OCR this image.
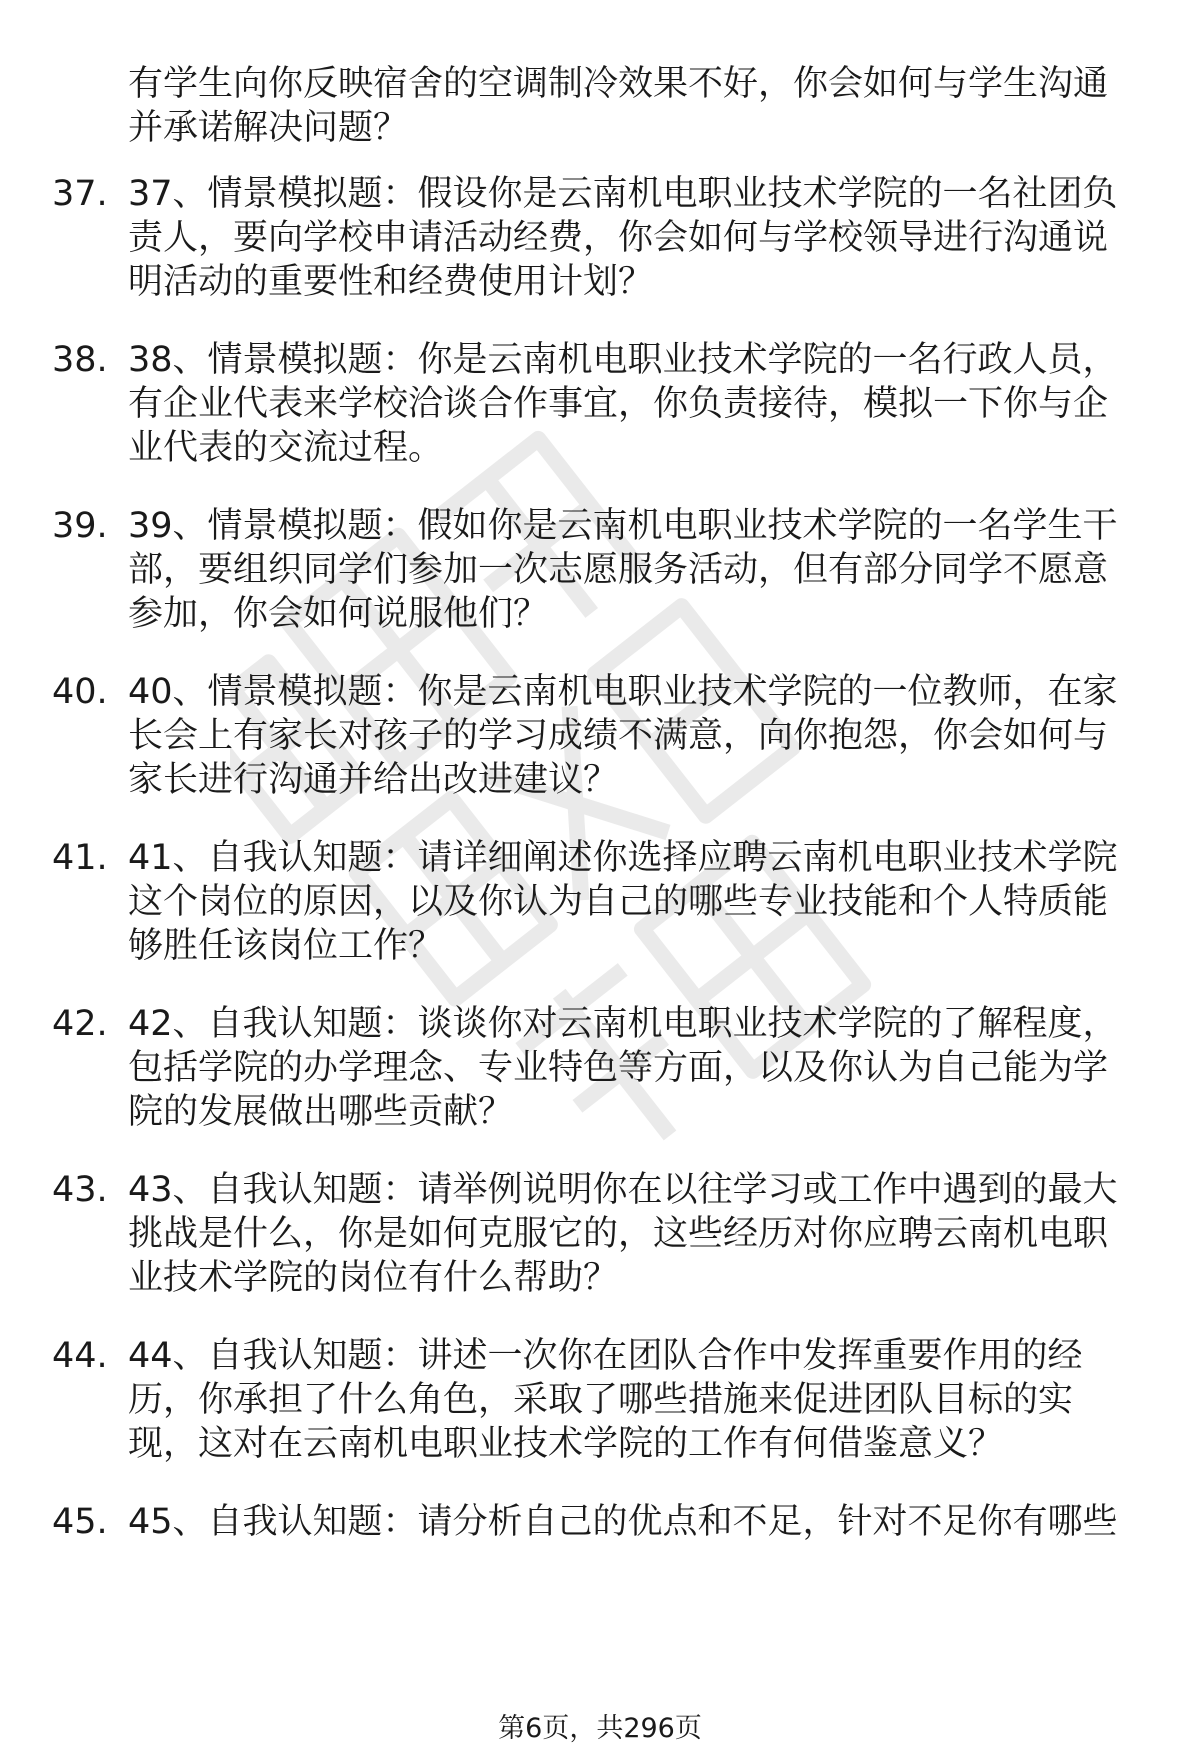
有学生向你反映宿舍的空调制冷效果不好，你会如何与学生沟通
并承诺解决问题？
37. 37、情景模拟题：假设你是云南机电职业技术学院的一名社团负
责人，要向学校申请活动经费，你会如何与学校领导进行沟通说
明活动的重要性和经费使用计划？
38. 38、情景模拟题：你是云南机电职业技术学院的一名行政人员，
有企业代表来学校洽谈合作事宜，你负责接待，模拟一下你与企
业代表的交流过程。
39. 39、情景模拟题：假如你是云南机电职业技术学院的一名学生干
部，要组织同学们参加一次志愿服务活动，但有部分同学不愿意
参加，你会如何说服他们？
40. 40、情景模拟题：你是云南机电职业技术学院的一位教师，在家
长会上有家长对孩子的学习成绩不满意，向你抱怨，你会如何与
家长进行沟通并给出改进建议？
41. 41、自我认知题：请详细阐述你选择应聘云南机电职业技术学院
这个岗位的原因，以及你认为自己的哪些专业技能和个人特质能
够胜任该岗位工作？
42. 42、自我认知题：谈谈你对云南机电职业技术学院的了解程度，
包括学院的办学理念、专业特色等方面，以及你认为自己能为学
院的发展做出哪些贡献？
43. 43、自我认知题：请举例说明你在以往学习或工作中遇到的最大
挑战是什么，你是如何克服它的，这些经历对你应聘云南机电职
业技术学院的岗位有什么帮助？
44. 44、自我认知题：讲述一次你在团队合作中发挥重要作用的经
历，你承担了什么角色，采取了哪些措施来促进团队目标的实
现，这对在云南机电职业技术学院的工作有何借鉴意义？
45. 45、自我认知题：请分析自己的优点和不足，针对不足你有哪些
第6页，共296页
